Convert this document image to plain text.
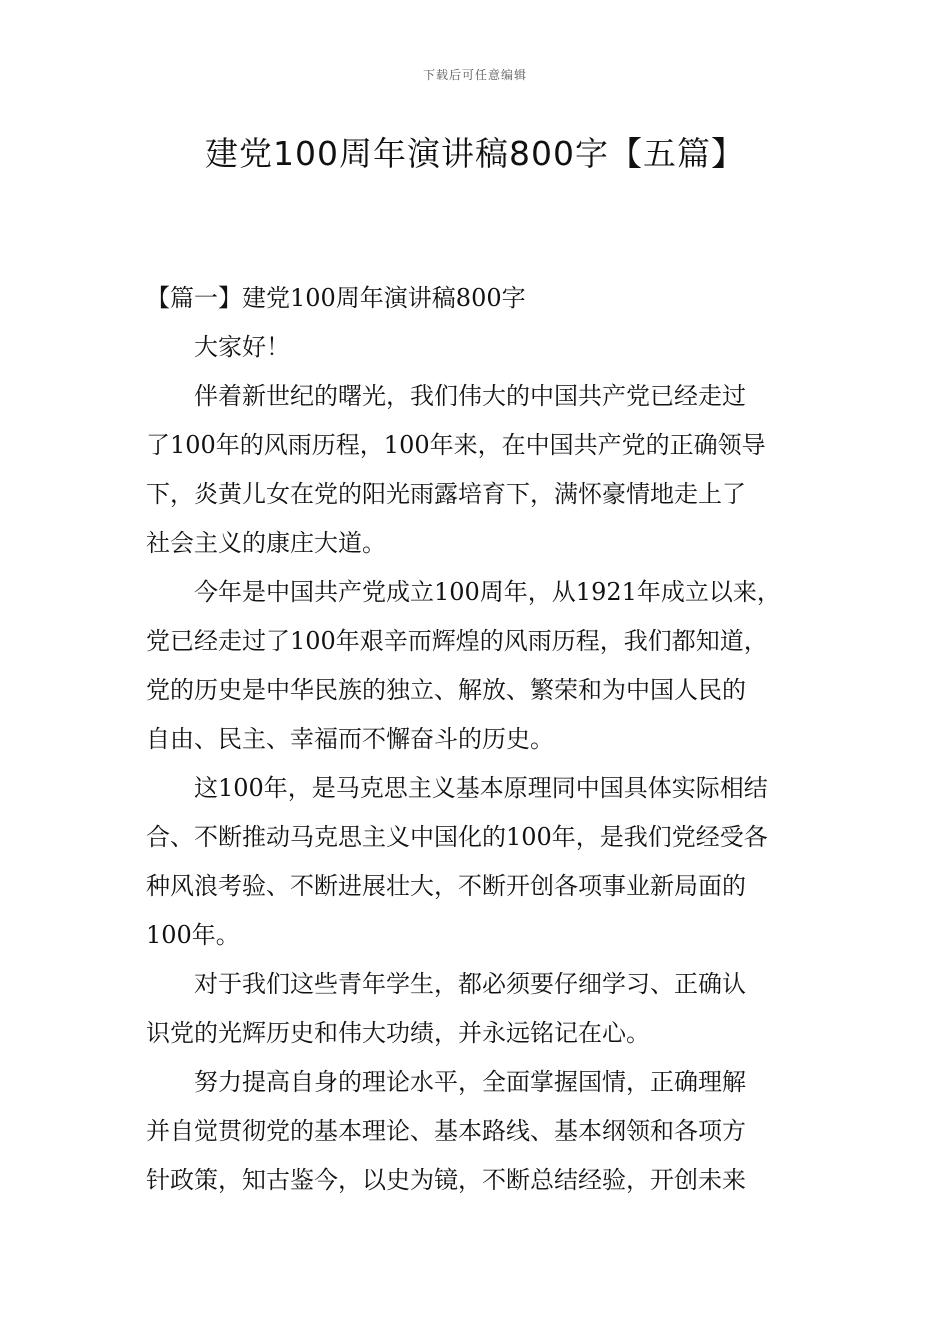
下载后可任意编辑
建党100周年演讲稿800字【五篇】
【篇一】建党100周年演讲稿800字
大家好！
伴着新世纪的曙光，我们伟大的中国共产党已经走过
了100年的风雨历程，100年来，在中国共产党的正确领导
下，炎黄儿女在党的阳光雨露培育下，满怀豪情地走上了
社会主义的康庄大道。
今年是中国共产党成立100周年，从1921年成立以来，
党已经走过了100年艰辛而辉煌的风雨历程，我们都知道，
党的历史是中华民族的独立、解放、繁荣和为中国人民的
自由、民主、幸福而不懈奋斗的历史。
这100年，是马克思主义基本原理同中国具体实际相结
合、不断推动马克思主义中国化的100年，是我们党经受各
种风浪考验、不断进展壮大，不断开创各项事业新局面的
100年。
对于我们这些青年学生，都必须要仔细学习、正确认
识党的光辉历史和伟大功绩，并永远铭记在心。
努力提高自身的理论水平，全面掌握国情，正确理解
并自觉贯彻党的基本理论、基本路线、基本纲领和各项方
针政策，知古鉴今，以史为镜，不断总结经验，开创未来
